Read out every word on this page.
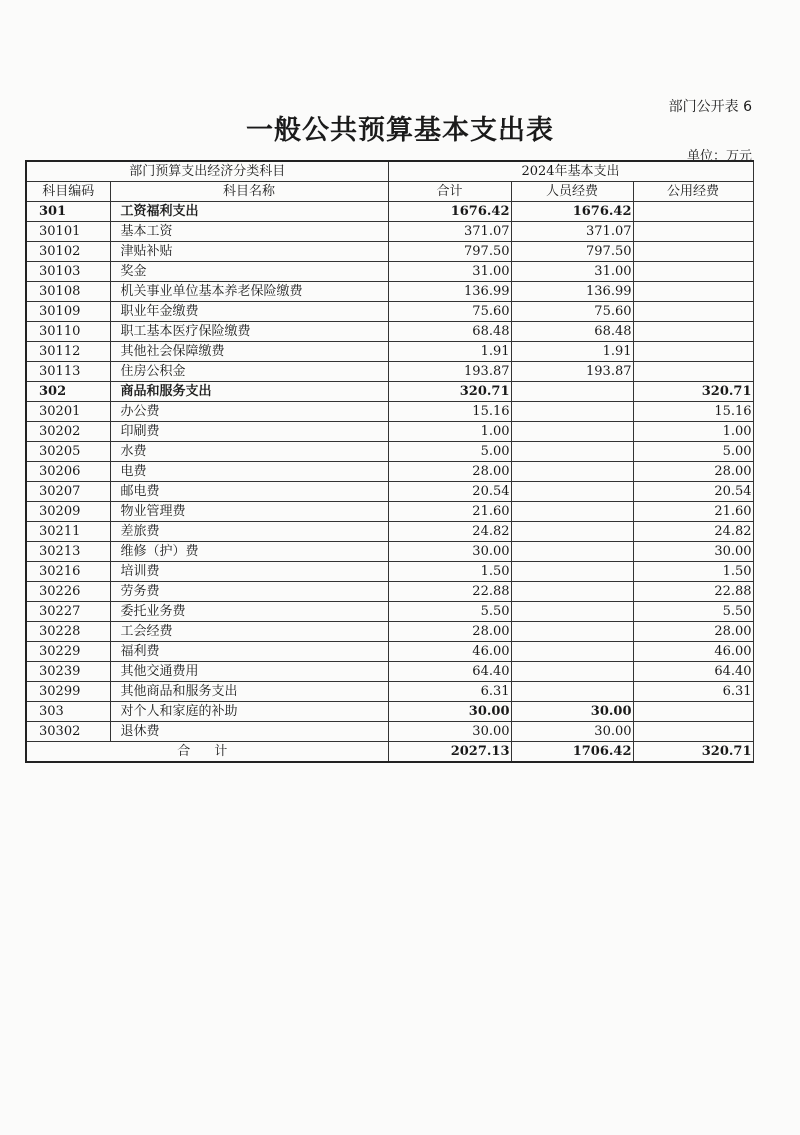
部门公开表 6
一般公共预算基本支出表
单位：万元
部门预算支出经济分类科目		2024年基本支出		
科目编码	科目名称	合计	人员经费	公用经费
301	工资福利支出	1676.42	1676.42	
30101	基本工资	371.07	371.07	
30102	津贴补贴	797.50	797.50	
30103	奖金	31.00	31.00	
30108	机关事业单位基本养老保险缴费	136.99	136.99	
30109	职业年金缴费	75.60	75.60	
30110	职工基本医疗保险缴费	68.48	68.48	
30112	其他社会保障缴费	1.91	1.91	
30113	住房公积金	193.87	193.87	
302	商品和服务支出	320.71		320.71
30201	办公费	15.16		15.16
30202	印刷费	1.00		1.00
30205	水费	5.00		5.00
30206	电费	28.00		28.00
30207	邮电费	20.54		20.54
30209	物业管理费	21.60		21.60
30211	差旅费	24.82		24.82
30213	维修（护）费	30.00		30.00
30216	培训费	1.50		1.50
30226	劳务费	22.88		22.88
30227	委托业务费	5.50		5.50
30228	工会经费	28.00		28.00
30229	福利费	46.00		46.00
30239	其他交通费用	64.40		64.40
30299	其他商品和服务支出	6.31		6.31
303	对个人和家庭的补助	30.00	30.00	
30302	退休费	30.00	30.00	
合 计		2027.13	1706.42	320.71
